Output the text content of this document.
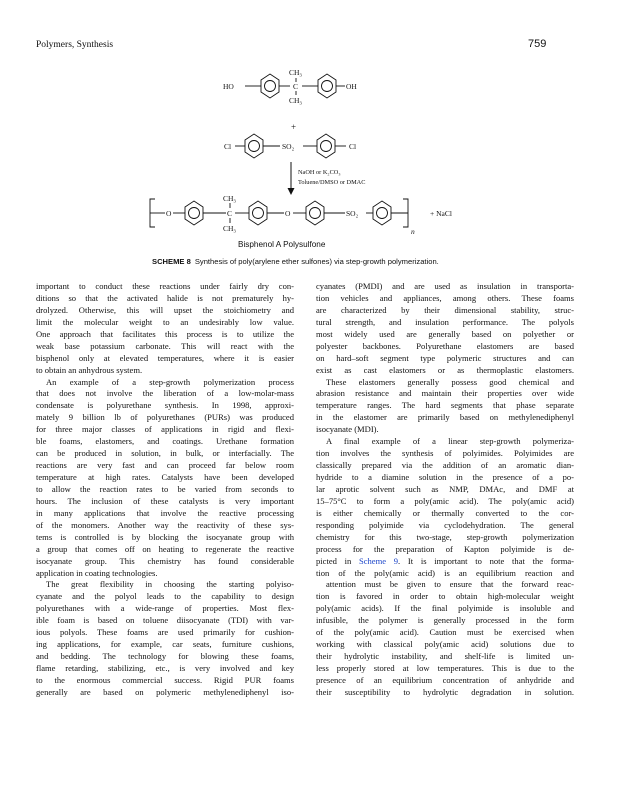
Polymers, Synthesis	759
HO	OH
CH₃
C
CH₃
+
Cl	SO₂	Cl
NaOH or K₂CO₃
Toluene/DMSO or DMAC
O
CH₃
C
CH₃
O	SO₂
n
+ NaCl
Bisphenol A Polysulfone
SCHEME 8 Synthesis of poly(arylene ether sulfones) via step-growth polymerization.
important to conduct these reactions under fairly dry con-
ditions so that the activated halide is not prematurely hy-
drolyzed. Otherwise, this will upset the stoichiometry and
limit the molecular weight to an undesirably low value.
One approach that facilitates this process is to utilize the
weak base potassium carbonate. This will react with the
bisphenol only at elevated temperatures, where it is easier
to obtain an anhydrous system.
An example of a step-growth polymerization process
that does not involve the liberation of a low-molar-mass
condensate is polyurethane synthesis. In 1998, approxi-
mately 9 billion lb of polyurethanes (PURs) was produced
for three major classes of applications in rigid and flexi-
ble foams, elastomers, and coatings. Urethane formation
can be produced in solution, in bulk, or interfacially. The
reactions are very fast and can proceed far below room
temperature at high rates. Catalysts have been developed
to allow the reaction rates to be varied from seconds to
hours. The inclusion of these catalysts is very important
in many applications that involve the reactive processing
of the monomers. Another way the reactivity of these sys-
tems is controlled is by blocking the isocyanate group with
a group that comes off on heating to regenerate the reactive
isocyanate group. This chemistry has found considerable
application in coating technologies.
The great flexibility in choosing the starting polyiso-
cyanate and the polyol leads to the capability to design
polyurethanes with a wide-range of properties. Most flex-
ible foam is based on toluene diisocyanate (TDI) with var-
ious polyols. These foams are used primarily for cushion-
ing applications, for example, car seats, furniture cushions,
and bedding. The technology for blowing these foams,
flame retarding, stabilizing, etc., is very involved and key
to the enormous commercial success. Rigid PUR foams
generally are based on polymeric methylenediphenyl iso-
cyanates (PMDI) and are used as insulation in transporta-
tion vehicles and appliances, among others. These foams
are characterized by their dimensional stability, struc-
tural strength, and insulation performance. The polyols
most widely used are generally based on polyether or
polyester backbones. Polyurethane elastomers are based
on hard–soft segment type polymeric structures and can
exist as cast elastomers or as thermoplastic elastomers.
These elastomers generally possess good chemical and
abrasion resistance and maintain their properties over wide
temperature ranges. The hard segments that phase separate
in the elastomer are primarily based on methylenediphenyl
isocyanate (MDI).
A final example of a linear step-growth polymeriza-
tion involves the synthesis of polyimides. Polyimides are
classically prepared via the addition of an aromatic dian-
hydride to a diamine solution in the presence of a po-
lar aprotic solvent such as NMP, DMAc, and DMF at
15–75°C to form a poly(amic acid). The poly(amic acid)
is either chemically or thermally converted to the cor-
responding polyimide via cyclodehydration. The general
chemistry for this two-stage, step-growth polymerization
process for the preparation of Kapton polyimide is de-
picted in Scheme 9. It is important to note that the forma-
tion of the poly(amic acid) is an equilibrium reaction and
attention must be given to ensure that the forward reac-
tion is favored in order to obtain high-molecular weight
poly(amic acids). If the final polyimide is insoluble and
infusible, the polymer is generally processed in the form
of the poly(amic acid). Caution must be exercised when
working with classical poly(amic acid) solutions due to
their hydrolytic instability, and shelf-life is limited un-
less properly stored at low temperatures. This is due to the
presence of an equilibrium concentration of anhydride and
their susceptibility to hydrolytic degradation in solution.
